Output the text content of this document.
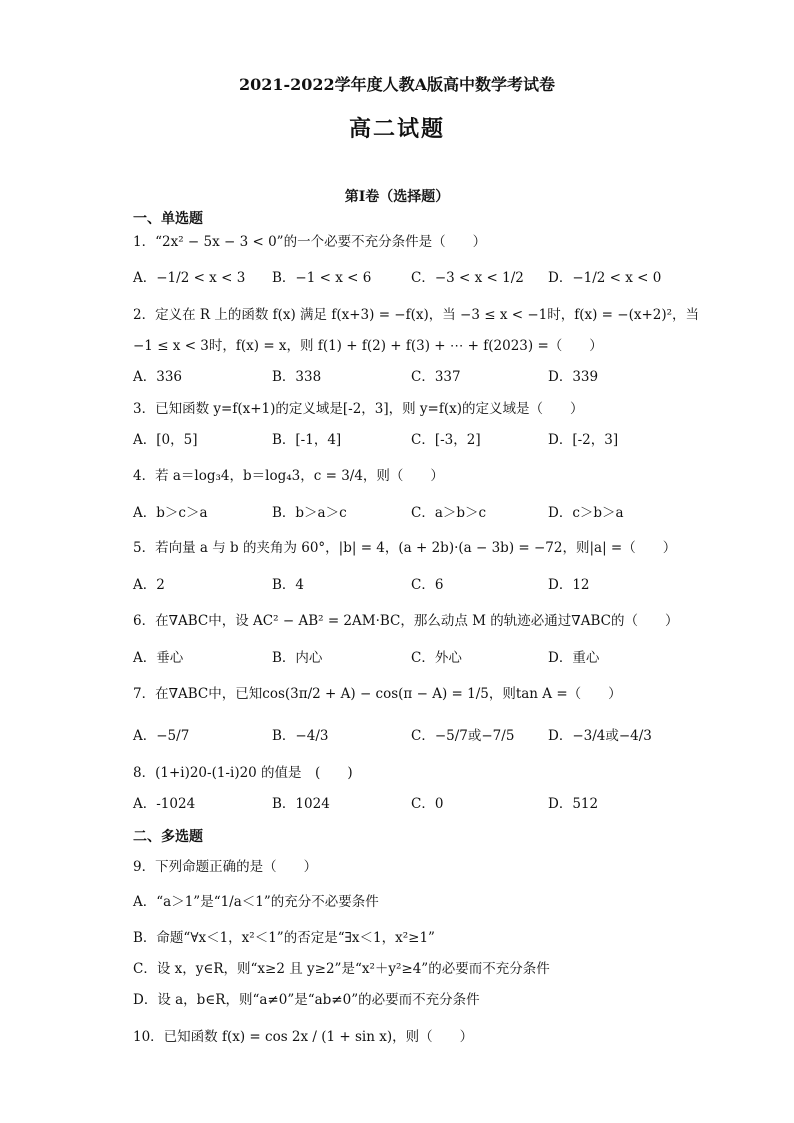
2021-2022学年度人教A版高中数学考试卷
高二试题
第I卷（选择题）
一、单选题
1．“2x² − 5x − 3 < 0”的一个必要不充分条件是（　　）
A．−1/2 < x < 3 B．−1 < x < 6	C．−3 < x < 1/2 D．−1/2 < x < 0
2．定义在 R 上的函数 f(x) 满足 f(x+3) = −f(x)，当 −3 ≤ x < −1时，f(x) = −(x+2)²，当
−1 ≤ x < 3时，f(x) = x，则 f(1) + f(2) + f(3) + ⋯ + f(2023) =（　　）
A．336	B．338	C．337	D．339
3．已知函数 y=f(x+1)的定义域是[-2，3]，则 y=f(x)的定义域是（　　）
A．[0，5]	B．[-1，4]	C．[-3，2]	D．[-2，3]
4．若 a＝log₃4，b＝log₄3，c = 3/4，则（　　）
A．b＞c＞a	B．b＞a＞c	C．a＞b＞c	D．c＞b＞a
5．若向量 a 与 b 的夹角为 60°，|b| = 4，(a + 2b)·(a − 3b) = −72，则|a| =（　　）
A．2	B．4	C．6	D．12
6．在∇ABC中，设 AC² − AB² = 2AM·BC，那么动点 M 的轨迹必通过∇ABC的（　　）
A．垂心	B．内心	C．外心	D．重心
7．在∇ABC中，已知cos(3π/2 + A) − cos(π − A) = 1/5，则tan A =（　　）
A．−5/7	B．−4/3	C．−5/7或−7/5 D．−3/4或−4/3
8．(1+i)20-(1-i)20 的值是　(　　)
A．-1024	B．1024	C．0	D．512
二、多选题
9．下列命题正确的是（　　）
A．“a＞1”是“1/a＜1”的充分不必要条件
B．命题“∀x＜1，x²＜1”的否定是“∃x＜1，x²≥1”
C．设 x，y∈R，则“x≥2 且 y≥2”是“x²＋y²≥4”的必要而不充分条件
D．设 a，b∈R，则“a≠0”是“ab≠0”的必要而不充分条件
10．已知函数 f(x) = cos 2x / (1 + sin x)，则（　　）
